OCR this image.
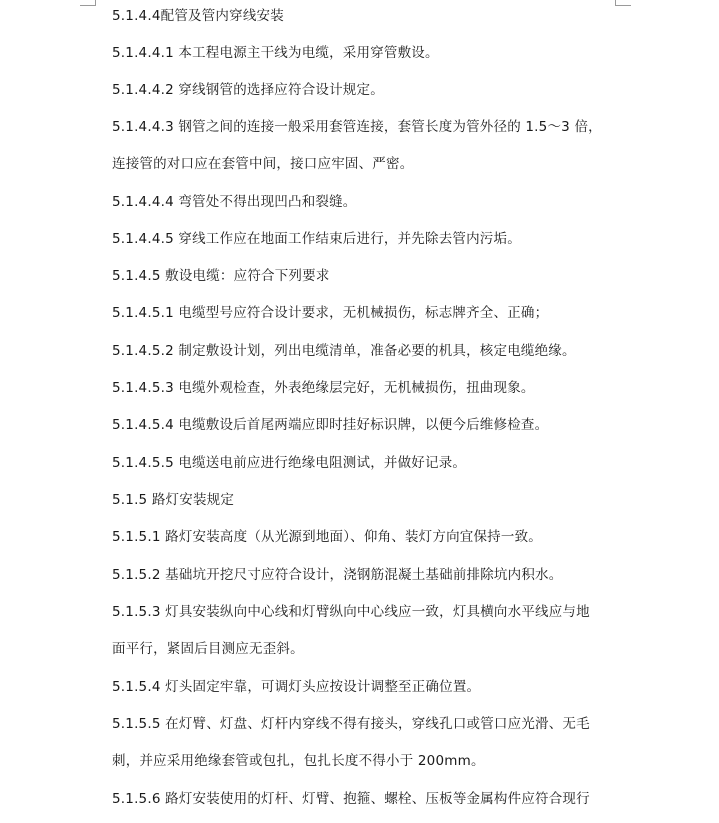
5.1.4.4配管及管内穿线安装
5.1.4.4.1 本工程电源主干线为电缆，采用穿管敷设。
5.1.4.4.2 穿线钢管的选择应符合设计规定。
5.1.4.4.3 钢管之间的连接一般采用套管连接，套管长度为管外径的 1.5～3 倍，
连接管的对口应在套管中间，接口应牢固、严密。
5.1.4.4.4 弯管处不得出现凹凸和裂缝。
5.1.4.4.5 穿线工作应在地面工作结束后进行，并先除去管内污垢。
5.1.4.5 敷设电缆：应符合下列要求
5.1.4.5.1 电缆型号应符合设计要求，无机械损伤，标志牌齐全、正确；
5.1.4.5.2 制定敷设计划，列出电缆清单，准备必要的机具，核定电缆绝缘。
5.1.4.5.3 电缆外观检查，外表绝缘层完好，无机械损伤，扭曲现象。
5.1.4.5.4 电缆敷设后首尾两端应即时挂好标识牌，以便今后维修检查。
5.1.4.5.5 电缆送电前应进行绝缘电阻测试，并做好记录。
5.1.5 路灯安装规定
5.1.5.1 路灯安装高度（从光源到地面）、仰角、装灯方向宜保持一致。
5.1.5.2 基础坑开挖尺寸应符合设计，浇钢筋混凝土基础前排除坑内积水。
5.1.5.3 灯具安装纵向中心线和灯臂纵向中心线应一致，灯具横向水平线应与地
面平行，紧固后目测应无歪斜。
5.1.5.4 灯头固定牢靠，可调灯头应按设计调整至正确位置。
5.1.5.5 在灯臂、灯盘、灯杆内穿线不得有接头，穿线孔口或管口应光滑、无毛
刺，并应采用绝缘套管或包扎，包扎长度不得小于 200mm。
5.1.5.6 路灯安装使用的灯杆、灯臂、抱箍、螺栓、压板等金属构件应符合现行
